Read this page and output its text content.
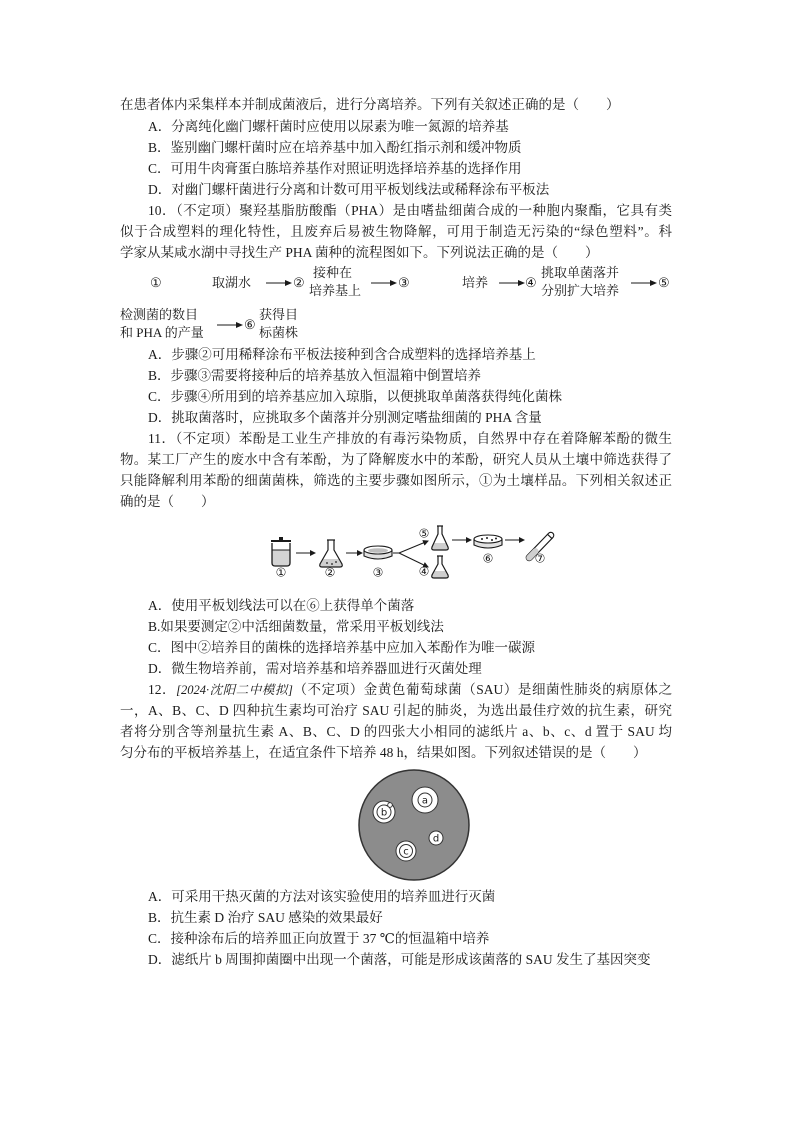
在患者体内采集样本并制成菌液后，进行分离培养。下列有关叙述正确的是（　　）
A．分离纯化幽门螺杆菌时应使用以尿素为唯一氮源的培养基
B．鉴别幽门螺杆菌时应在培养基中加入酚红指示剂和缓冲物质
C．可用牛肉膏蛋白胨培养基作对照证明选择培养基的选择作用
D．对幽门螺杆菌进行分离和计数可用平板划线法或稀释涂布平板法
10．（不定项）聚羟基脂肪酸酯（PHA）是由嗜盐细菌合成的一种胞内聚酯，它具有类
似于合成塑料的理化特性，且废弃后易被生物降解，可用于制造无污染的“绿色塑料”。科
学家从某咸水湖中寻找生产 PHA 菌种的流程图如下。下列说法正确的是（　　）
①	取湖水	②
接种在
培养基上
③	培养	④
挑取单菌落并
分别扩大培养
⑤
检测菌的数目
和 PHA 的产量
⑥
获得目
标菌株
A．步骤②可用稀释涂布平板法接种到含合成塑料的选择培养基上
B．步骤③需要将接种后的培养基放入恒温箱中倒置培养
C．步骤④所用到的培养基应加入琼脂，以便挑取单菌落获得纯化菌株
D．挑取菌落时，应挑取多个菌落并分别测定嗜盐细菌的 PHA 含量
11．（不定项）苯酚是工业生产排放的有毒污染物质，自然界中存在着降解苯酚的微生
物。某工厂产生的废水中含有苯酚，为了降解废水中的苯酚，研究人员从土壤中筛选获得了
只能降解利用苯酚的细菌菌株，筛选的主要步骤如图所示，①为土壤样品。下列相关叙述正
确的是（　　）
①	②	③	④
⑤
⑥	⑦
A．使用平板划线法可以在⑥上获得单个菌落
B.如果要测定②中活细菌数量，常采用平板划线法
C．图中②培养目的菌株的选择培养基中应加入苯酚作为唯一碳源
D．微生物培养前，需对培养基和培养器皿进行灭菌处理
12．[2024·沈阳二中模拟]（不定项）金黄色葡萄球菌（SAU）是细菌性肺炎的病原体之
一，A、B、C、D 四种抗生素均可治疗 SAU 引起的肺炎，为选出最佳疗效的抗生素，研究
者将分别含等剂量抗生素 A、B、C、D 的四张大小相同的滤纸片 a、b、c、d 置于 SAU 均
匀分布的平板培养基上，在适宜条件下培养 48 h，结果如图。下列叙述错误的是（　　）
a
b
c
d
A．可采用干热灭菌的方法对该实验使用的培养皿进行灭菌
B．抗生素 D 治疗 SAU 感染的效果最好
C．接种涂布后的培养皿正向放置于 37 ℃的恒温箱中培养
D．滤纸片 b 周围抑菌圈中出现一个菌落，可能是形成该菌落的 SAU 发生了基因突变
